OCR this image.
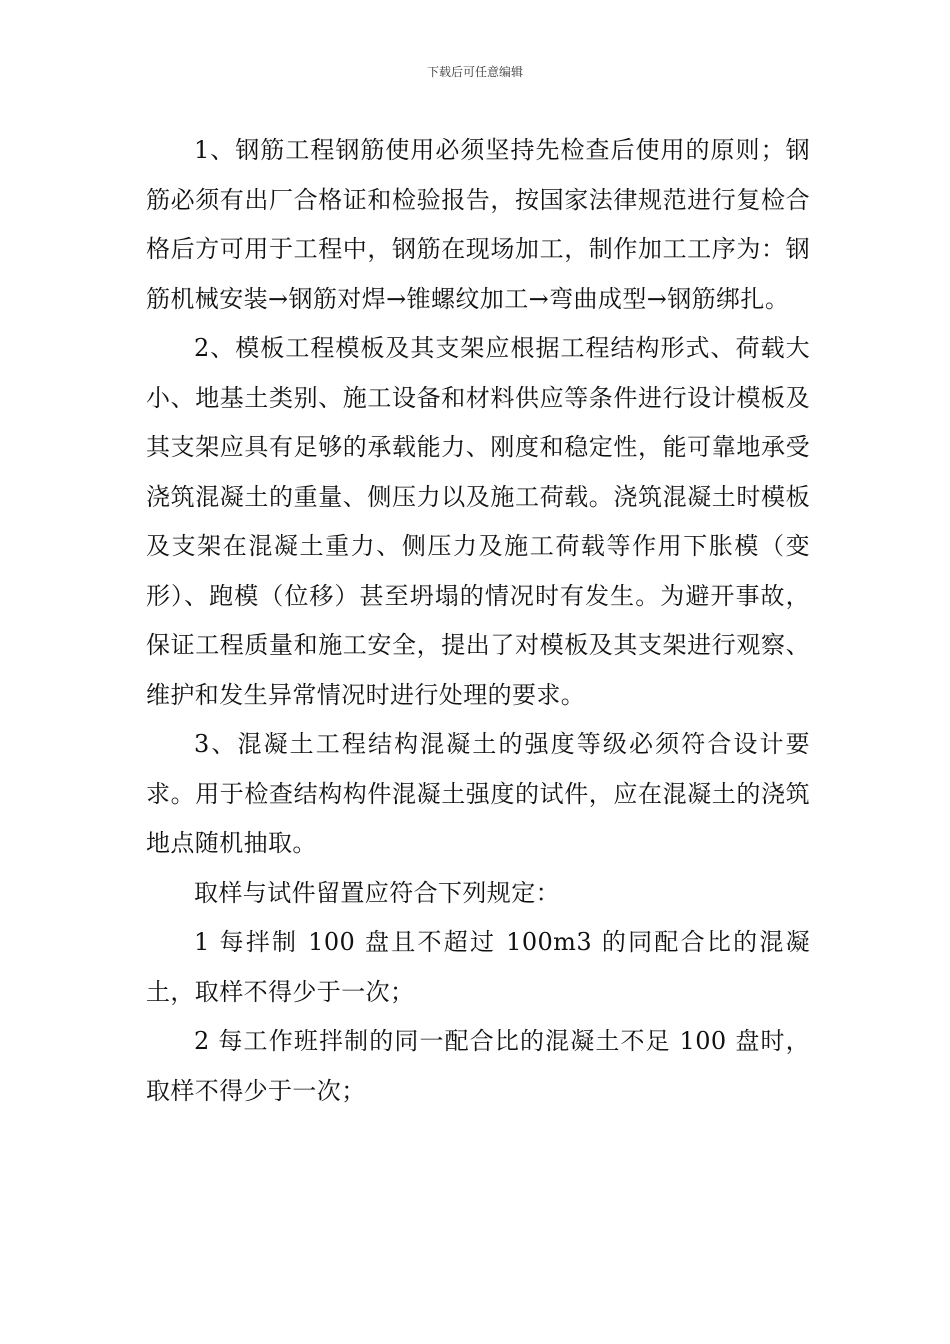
下载后可任意编辑

1、钢筋工程钢筋使用必须坚持先检查后使用的原则；钢筋必须有出厂合格证和检验报告，按国家法律规范进行复检合格后方可用于工程中，钢筋在现场加工，制作加工工序为：钢筋机械安装→钢筋对焊→锥螺纹加工→弯曲成型→钢筋绑扎。

2、模板工程模板及其支架应根据工程结构形式、荷载大小、地基土类别、施工设备和材料供应等条件进行设计模板及其支架应具有足够的承载能力、刚度和稳定性，能可靠地承受浇筑混凝土的重量、侧压力以及施工荷载。浇筑混凝土时模板及支架在混凝土重力、侧压力及施工荷载等作用下胀模（变形）、跑模（位移）甚至坍塌的情况时有发生。为避开事故，保证工程质量和施工安全，提出了对模板及其支架进行观察、维护和发生异常情况时进行处理的要求。

3、混凝土工程结构混凝土的强度等级必须符合设计要求。用于检查结构构件混凝土强度的试件，应在混凝土的浇筑地点随机抽取。

取样与试件留置应符合下列规定：

1 每拌制 100 盘且不超过 100m3 的同配合比的混凝土，取样不得少于一次；

2 每工作班拌制的同一配合比的混凝土不足 100 盘时，取样不得少于一次；
